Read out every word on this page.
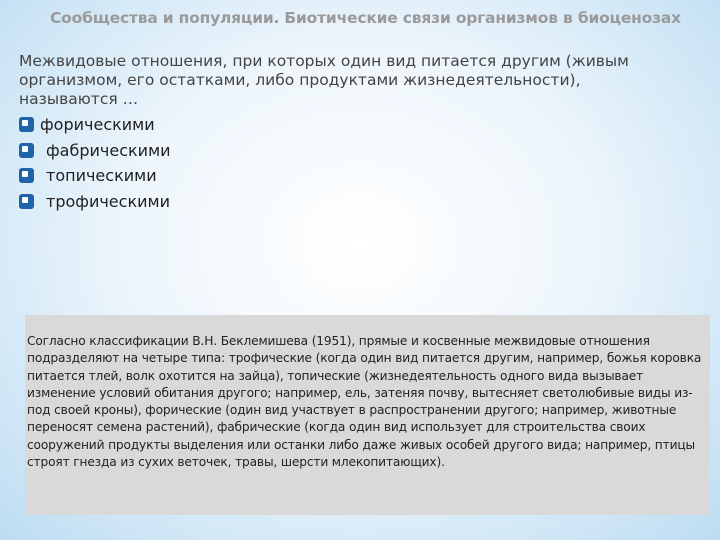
Сообщества и популяции. Биотические связи организмов в биоценозах
Межвидовые отношения, при которых один вид питается другим (живым организмом, его остатками, либо продуктами жизнедеятельности), называются …
форическими
фабрическими
топическими
трофическими
Согласно классификации В.Н. Беклемишева (1951), прямые и косвенные межвидовые отношения подразделяют на четыре типа: трофические (когда один вид питается другим, например, божья коровка питается тлей, волк охотится на зайца), топические (жизнедеятельность одного вида вызывает изменение условий обитания другого; например, ель, затеняя почву, вытесняет светолюбивые виды из-под своей кроны), форические (один вид участвует в распространении другого; например, животные переносят семена растений), фабрические (когда один вид использует для строительства своих сооружений продукты выделения или останки либо даже живых особей другого вида; например, птицы строят гнезда из сухих веточек, травы, шерсти млекопитающих).
